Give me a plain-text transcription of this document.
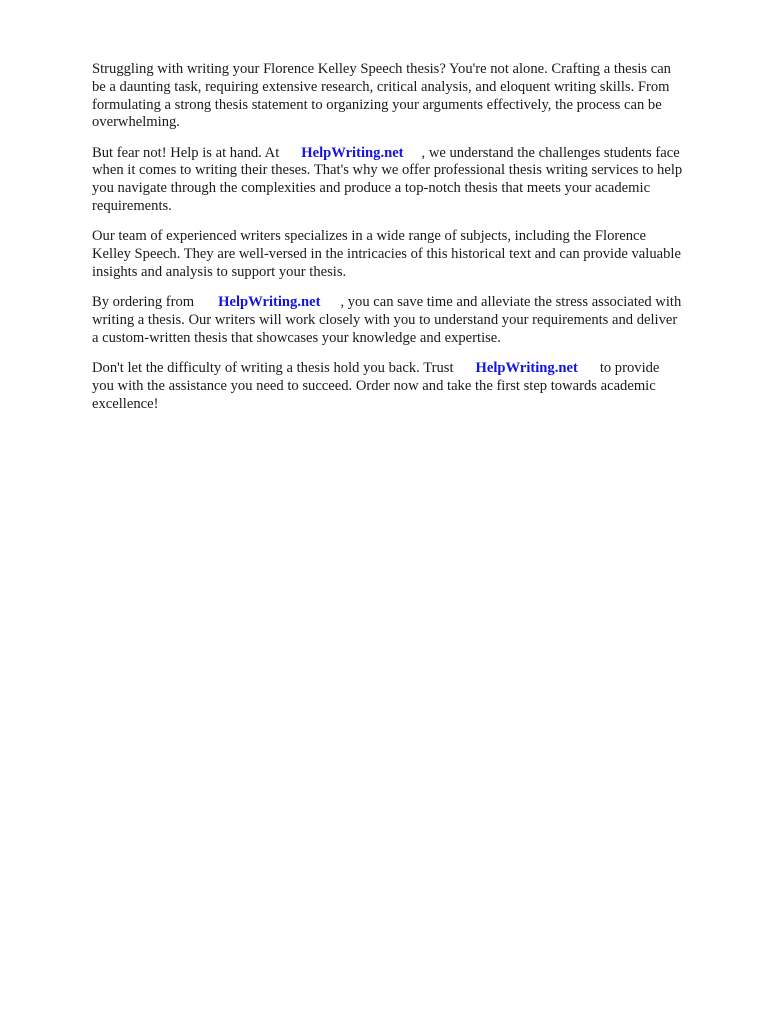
Struggling with writing your Florence Kelley Speech thesis? You're not alone. Crafting a thesis can
be a daunting task, requiring extensive research, critical analysis, and eloquent writing skills. From
formulating a strong thesis statement to organizing your arguments effectively, the process can be
overwhelming.

But fear not! Help is at hand. At HelpWriting.net , we understand the challenges students face
when it comes to writing their theses. That's why we offer professional thesis writing services to help
you navigate through the complexities and produce a top-notch thesis that meets your academic
requirements.

Our team of experienced writers specializes in a wide range of subjects, including the Florence
Kelley Speech. They are well-versed in the intricacies of this historical text and can provide valuable
insights and analysis to support your thesis.

By ordering from HelpWriting.net , you can save time and alleviate the stress associated with
writing a thesis. Our writers will work closely with you to understand your requirements and deliver
a custom-written thesis that showcases your knowledge and expertise.

Don't let the difficulty of writing a thesis hold you back. Trust HelpWriting.net to provide
you with the assistance you need to succeed. Order now and take the first step towards academic
excellence!
